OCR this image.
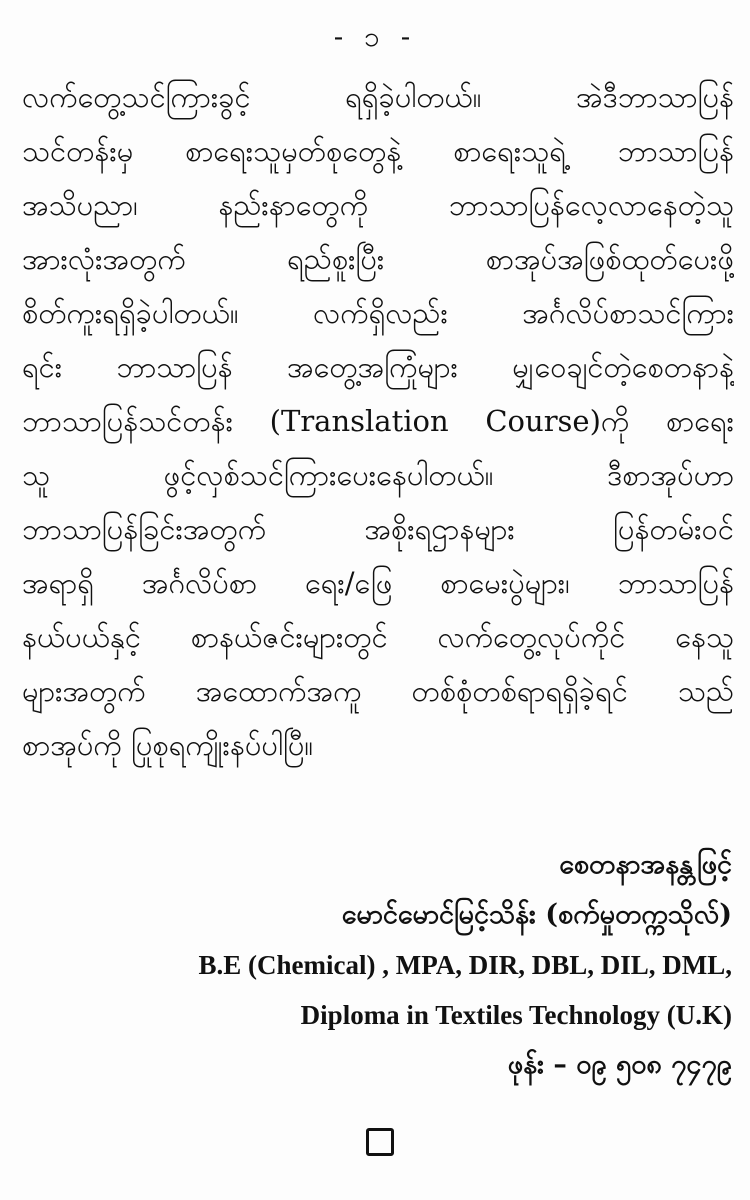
- ၁ -
လက်တွေ့သင်ကြားခွင့် ရရှိခဲ့ပါတယ်။ အဲဒီဘာသာပြန်
သင်တန်းမှ စာရေးသူမှတ်စုတွေနဲ့ စာရေးသူရဲ့ ဘာသာပြန်
အသိပညာ၊ နည်းနာတွေကို ဘာသာပြန်လေ့လာနေတဲ့သူ
အားလုံးအတွက် ရည်စူးပြီး စာအုပ်အဖြစ်ထုတ်ပေးဖို့
စိတ်ကူးရရှိခဲ့ပါတယ်။ လက်ရှိလည်း အင်္ဂလိပ်စာသင်ကြား
ရင်း ဘာသာပြန် အတွေ့အကြုံများ မျှဝေချင်တဲ့စေတနာနဲ့
ဘာသာပြန်သင်တန်း (Translation Course)ကို စာရေး
သူ ဖွင့်လှစ်သင်ကြားပေးနေပါတယ်။ ဒီစာအုပ်ဟာ
ဘာသာပြန်ခြင်းအတွက် အစိုးရဌာနများ ပြန်တမ်းဝင်
အရာရှိ အင်္ဂလိပ်စာ ရေး/ဖြေ စာမေးပွဲများ၊ ဘာသာပြန်
နယ်ပယ်နှင့် စာနယ်ဇင်းများတွင် လက်တွေ့လုပ်ကိုင် နေသူ
များအတွက် အထောက်အကူ တစ်စုံတစ်ရာရရှိခဲ့ရင် သည်
စာအုပ်ကို ပြုစုရကျိုးနပ်ပါပြီ။
စေတနာအနန္တဖြင့်
မောင်မောင်မြင့်သိန်း (စက်မှုတက္ကသိုလ်)
B.E (Chemical) , MPA, DIR, DBL, DIL, DML,
Diploma in Textiles Technology (U.K)
ဖုန်း – ၀၉ ၅၀၈ ၇၄၇၉
